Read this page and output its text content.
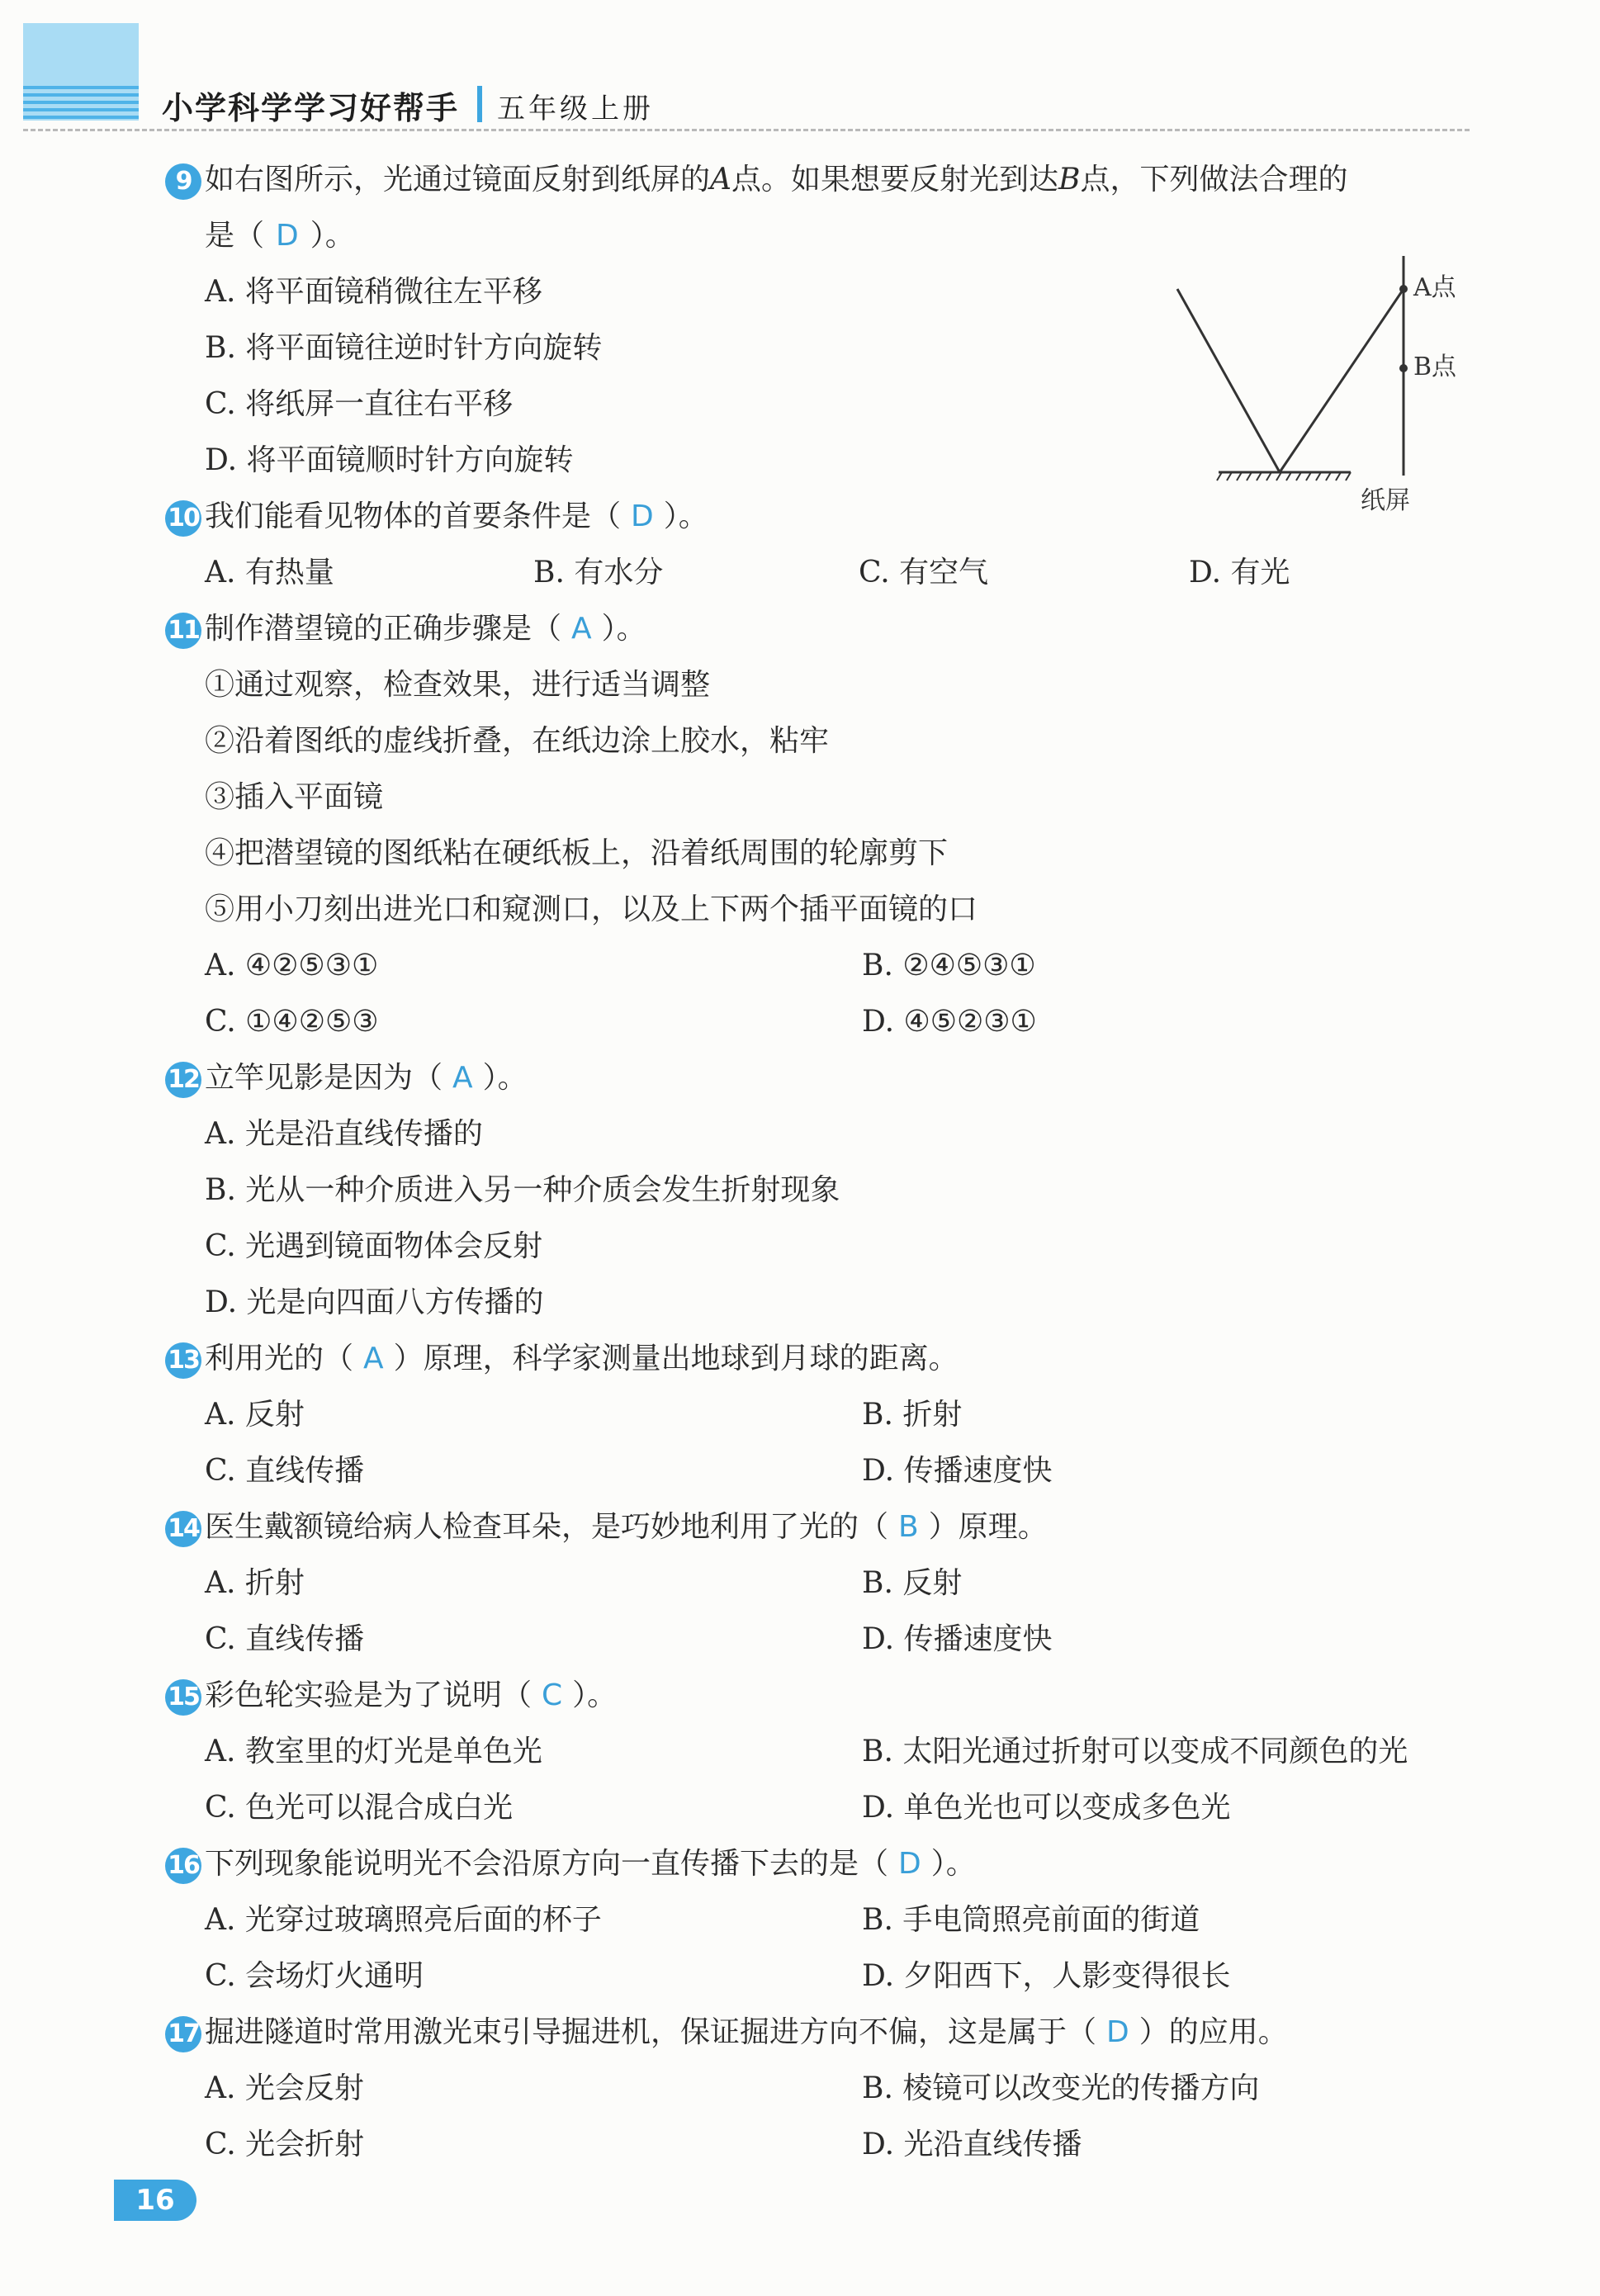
小学科学学习好帮手 五年级上册
9 如右图所示，光通过镜面反射到纸屏的A点。如果想要反射光到达B点，下列做法合理的
是（ D ）。
A. 将平面镜稍微往左平移
B. 将平面镜往逆时针方向旋转
C. 将纸屏一直往右平移
D. 将平面镜顺时针方向旋转
A点
B点
纸屏
10 我们能看见物体的首要条件是（ D ）。
A. 有热量	B. 有水分	C. 有空气	D. 有光
11 制作潜望镜的正确步骤是（ A ）。
①通过观察，检查效果，进行适当调整
②沿着图纸的虚线折叠，在纸边涂上胶水，粘牢
③插入平面镜
④把潜望镜的图纸粘在硬纸板上，沿着纸周围的轮廓剪下
⑤用小刀刻出进光口和窥测口，以及上下两个插平面镜的口
A. ④②⑤③①	B. ②④⑤③①
C. ①④②⑤③	D. ④⑤②③①
12 立竿见影是因为（ A ）。
A. 光是沿直线传播的
B. 光从一种介质进入另一种介质会发生折射现象
C. 光遇到镜面物体会反射
D. 光是向四面八方传播的
13 利用光的（ A ）原理，科学家测量出地球到月球的距离。
A. 反射	B. 折射
C. 直线传播	D. 传播速度快
14 医生戴额镜给病人检查耳朵，是巧妙地利用了光的（ B ）原理。
A. 折射	B. 反射
C. 直线传播	D. 传播速度快
15 彩色轮实验是为了说明（ C ）。
A. 教室里的灯光是单色光	B. 太阳光通过折射可以变成不同颜色的光
C. 色光可以混合成白光	D. 单色光也可以变成多色光
16 下列现象能说明光不会沿原方向一直传播下去的是（ D ）。
A. 光穿过玻璃照亮后面的杯子	B. 手电筒照亮前面的街道
C. 会场灯火通明	D. 夕阳西下，人影变得很长
17 掘进隧道时常用激光束引导掘进机，保证掘进方向不偏，这是属于（ D ）的应用。
A. 光会反射	B. 棱镜可以改变光的传播方向
C. 光会折射	D. 光沿直线传播
16
